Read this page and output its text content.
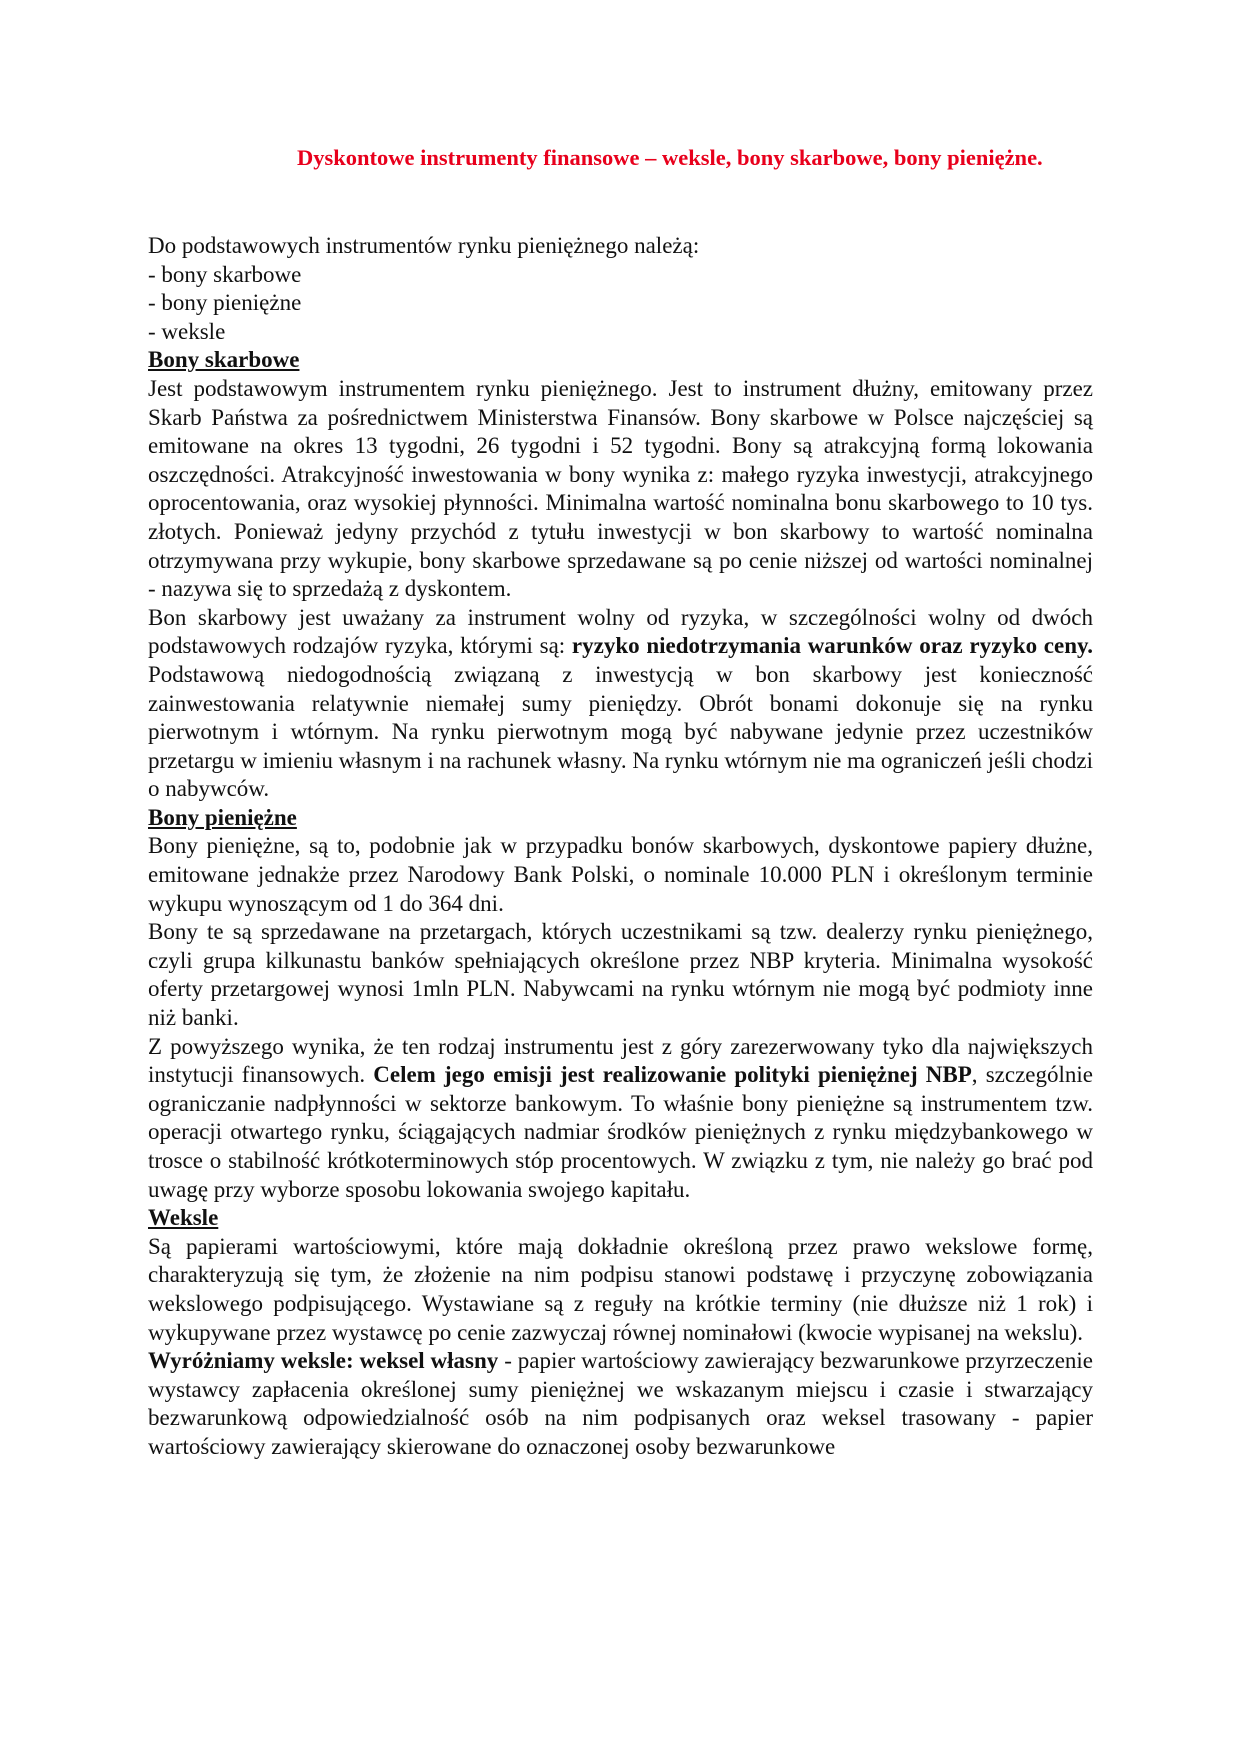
Dyskontowe instrumenty finansowe – weksle, bony skarbowe, bony pieniężne.

Do podstawowych instrumentów rynku pieniężnego należą:

- bony skarbowe

- bony pieniężne

- weksle

Bony skarbowe

Jest podstawowym instrumentem rynku pieniężnego. Jest to instrument dłużny, emitowany przez Skarb Państwa za pośrednictwem Ministerstwa Finansów. Bony skarbowe w Polsce najczęściej są emitowane na okres 13 tygodni, 26 tygodni i 52 tygodni. Bony są atrakcyjną formą lokowania oszczędności. Atrakcyjność inwestowania w bony wynika z: małego ryzyka inwestycji, atrakcyjnego oprocentowania, oraz wysokiej płynności. Minimalna wartość nominalna bonu skarbowego to 10 tys. złotych. Ponieważ jedyny przychód z tytułu inwestycji w bon skarbowy to wartość nominalna otrzymywana przy wykupie, bony skarbowe sprzedawane są po cenie niższej od wartości nominalnej - nazywa się to sprzedażą z dyskontem.

Bon skarbowy jest uważany za instrument wolny od ryzyka, w szczególności wolny od dwóch podstawowych rodzajów ryzyka, którymi są: ryzyko niedotrzymania warunków oraz ryzyko ceny. Podstawową niedogodnością związaną z inwestycją w bon skarbowy jest konieczność zainwestowania relatywnie niemałej sumy pieniędzy. Obrót bonami dokonuje się na rynku pierwotnym i wtórnym. Na rynku pierwotnym mogą być nabywane jedynie przez uczestników przetargu w imieniu własnym i na rachunek własny. Na rynku wtórnym nie ma ograniczeń jeśli chodzi o nabywców.

Bony pieniężne

Bony pieniężne, są to, podobnie jak w przypadku bonów skarbowych, dyskontowe papiery dłużne, emitowane jednakże przez Narodowy Bank Polski, o nominale 10.000 PLN i określonym terminie wykupu wynoszącym od 1 do 364 dni.

Bony te są sprzedawane na przetargach, których uczestnikami są tzw. dealerzy rynku pieniężnego, czyli grupa kilkunastu banków spełniających określone przez NBP kryteria. Minimalna wysokość oferty przetargowej wynosi 1mln PLN. Nabywcami na rynku wtórnym nie mogą być podmioty inne niż banki.

Z powyższego wynika, że ten rodzaj instrumentu jest z góry zarezerwowany tyko dla największych instytucji finansowych. Celem jego emisji jest realizowanie polityki pieniężnej NBP, szczególnie ograniczanie nadpłynności w sektorze bankowym. To właśnie bony pieniężne są instrumentem tzw. operacji otwartego rynku, ściągających nadmiar środków pieniężnych z rynku międzybankowego w trosce o stabilność krótkoterminowych stóp procentowych. W związku z tym, nie należy go brać pod uwagę przy wyborze sposobu lokowania swojego kapitału.

Weksle

Są papierami wartościowymi, które mają dokładnie określoną przez prawo wekslowe formę, charakteryzują się tym, że złożenie na nim podpisu stanowi podstawę i przyczynę zobowiązania wekslowego podpisującego. Wystawiane są z reguły na krótkie terminy (nie dłuższe niż 1 rok) i wykupywane przez wystawcę po cenie zazwyczaj równej nominałowi (kwocie wypisanej na wekslu).

Wyróżniamy weksle: weksel własny - papier wartościowy zawierający bezwarunkowe przyrzeczenie wystawcy zapłacenia określonej sumy pieniężnej we wskazanym miejscu i czasie i stwarzający bezwarunkową odpowiedzialność osób na nim podpisanych oraz weksel trasowany - papier wartościowy zawierający skierowane do oznaczonej osoby bezwarunkowe
